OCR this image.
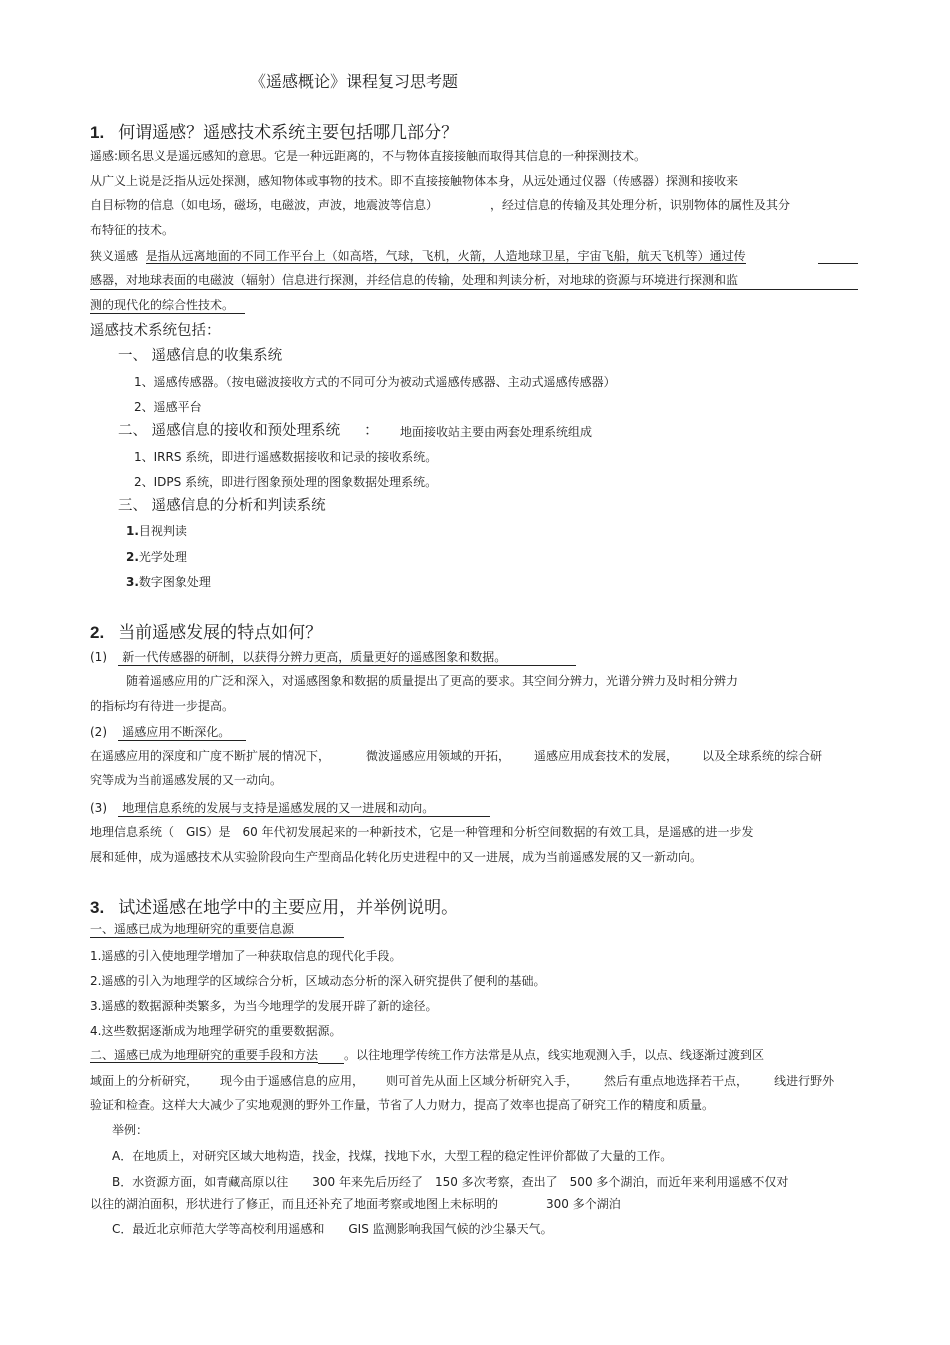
《遥感概论》课程复习思考题
1. 何谓遥感？遥感技术系统主要包括哪几部分？
遥感:顾名思义是遥远感知的意思。它是一种远距离的，不与物体直接接触而取得其信息的一种探测技术。
从广义上说是泛指从远处探测，感知物体或事物的技术。即不直接接触物体本身，从远处通过仪器（传感器）探测和接收来
自目标物的信息（如电场，磁场，电磁波，声波，地震波等信息）	，经过信息的传输及其处理分析，识别物体的属性及其分
布特征的技术。
狭义遥感 是指从远离地面的不同工作平台上（如高塔，气球，飞机，火箭，人造地球卫星，宇宙飞船，航天飞机等）通过传
感器，对地球表面的电磁波（辐射）信息进行探测，并经信息的传输，处理和判读分析，对地球的资源与环境进行探测和监
测的现代化的综合性技术。
遥感技术系统包括：
一、 遥感信息的收集系统
1、遥感传感器。（按电磁波接收方式的不同可分为被动式遥感传感器、主动式遥感传感器）
2、遥感平台
二、 遥感信息的接收和预处理系统 ： 地面接收站主要由两套处理系统组成
1、IRRS 系统，即进行遥感数据接收和记录的接收系统。
2、IDPS 系统，即进行图象预处理的图象数据处理系统。
三、 遥感信息的分析和判读系统
1.目视判读
2.光学处理
3.数字图象处理
2. 当前遥感发展的特点如何？
(1) 新一代传感器的研制，以获得分辨力更高，质量更好的遥感图象和数据。
随着遥感应用的广泛和深入，对遥感图象和数据的质量提出了更高的要求。其空间分辨力，光谱分辨力及时相分辨力
的指标均有待进一步提高。
(2) 遥感应用不断深化。
在遥感应用的深度和广度不断扩展的情况下，	微波遥感应用领域的开拓， 遥感应用成套技术的发展， 以及全球系统的综合研
究等成为当前遥感发展的又一动向。
(3) 地理信息系统的发展与支持是遥感发展的又一进展和动向。
地理信息系统（　GIS）是　60 年代初发展起来的一种新技术，它是一种管理和分析空间数据的有效工具，是遥感的进一步发
展和延伸，成为遥感技术从实验阶段向生产型商品化转化历史进程中的又一进展，成为当前遥感发展的又一新动向。
3. 试述遥感在地学中的主要应用，并举例说明。
一、遥感已成为地理研究的重要信息源
1.遥感的引入使地理学增加了一种获取信息的现代化手段。
2.遥感的引入为地理学的区域综合分析，区域动态分析的深入研究提供了便利的基础。
3.遥感的数据源种类繁多，为当今地理学的发展开辟了新的途径。
4.这些数据逐渐成为地理学研究的重要数据源。
二、遥感已成为地理研究的重要手段和方法 。以往地理学传统工作方法常是从点，线实地观测入手，以点、线逐渐过渡到区
域面上的分析研究， 现今由于遥感信息的应用， 则可首先从面上区域分析研究入手， 然后有重点地选择若干点， 线进行野外
验证和检查。这样大大减少了实地观测的野外工作量，节省了人力财力，提高了效率也提高了研究工作的精度和质量。
举例：
A．在地质上，对研究区域大地构造，找金，找煤，找地下水，大型工程的稳定性评价都做了大量的工作。
B．水资源方面，如青藏高原以往　　300 年来先后历经了　150 多次考察，查出了　500 多个湖泊，而近年来利用遥感不仅对
以往的湖泊面积，形状进行了修正，而且还补充了地面考察或地图上未标明的　　　　300 多个湖泊
C．最近北京师范大学等高校利用遥感和　　GIS 监测影响我国气候的沙尘暴天气。
